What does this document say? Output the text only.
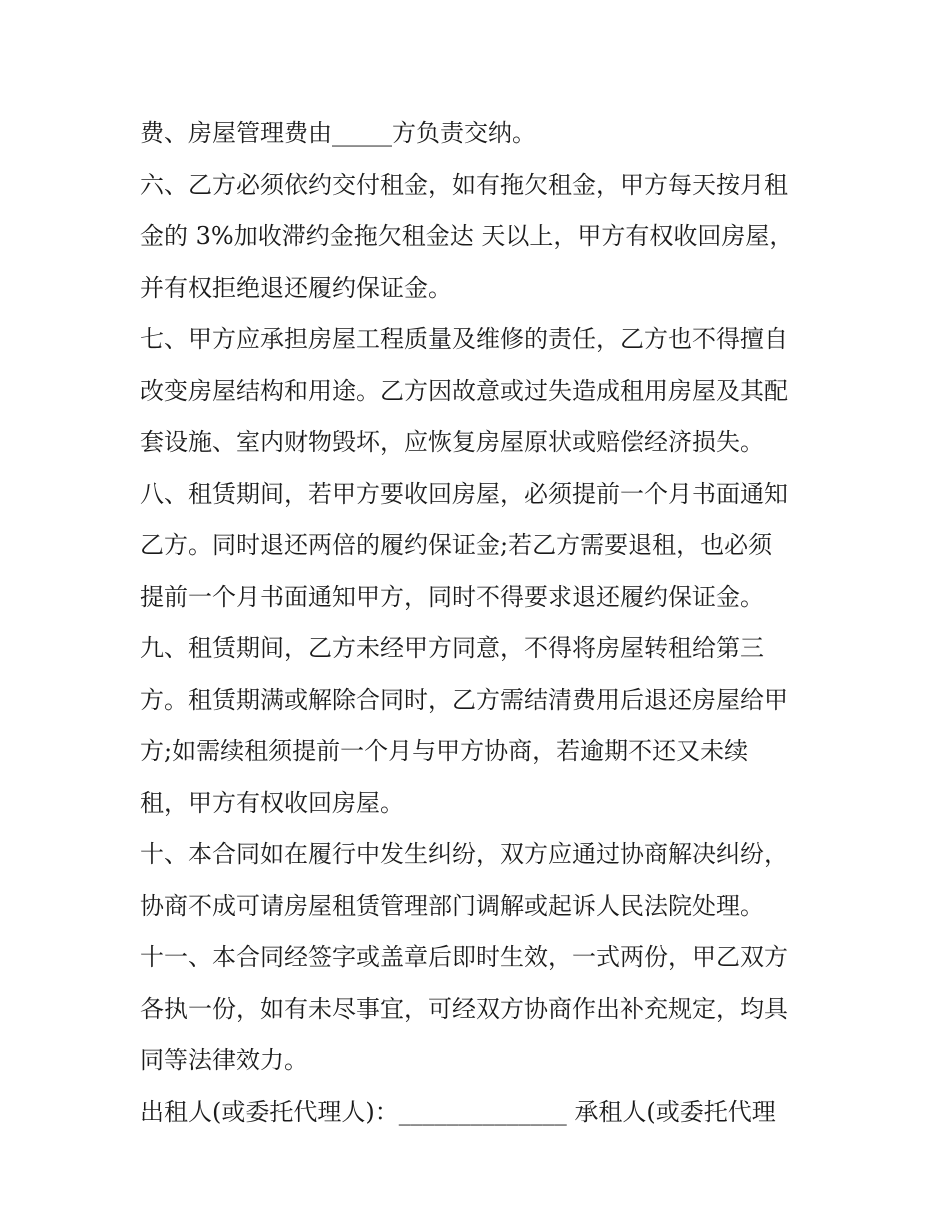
费、房屋管理费由_____方负责交纳。
六、乙方必须依约交付租金，如有拖欠租金，甲方每天按月租
金的 3%加收滞约金拖欠租金达 天以上，甲方有权收回房屋，
并有权拒绝退还履约保证金。
七、甲方应承担房屋工程质量及维修的责任，乙方也不得擅自
改变房屋结构和用途。乙方因故意或过失造成租用房屋及其配
套设施、室内财物毁坏，应恢复房屋原状或赔偿经济损失。
八、租赁期间，若甲方要收回房屋，必须提前一个月书面通知
乙方。同时退还两倍的履约保证金;若乙方需要退租，也必须
提前一个月书面通知甲方，同时不得要求退还履约保证金。
九、租赁期间，乙方未经甲方同意，不得将房屋转租给第三
方。租赁期满或解除合同时，乙方需结清费用后退还房屋给甲
方;如需续租须提前一个月与甲方协商，若逾期不还又未续
租，甲方有权收回房屋。
十、本合同如在履行中发生纠纷，双方应通过协商解决纠纷，
协商不成可请房屋租赁管理部门调解或起诉人民法院处理。
十一、本合同经签字或盖章后即时生效，一式两份，甲乙双方
各执一份，如有未尽事宜，可经双方协商作出补充规定，均具
同等法律效力。
出租人(或委托代理人)：______________ 承租人(或委托代理
